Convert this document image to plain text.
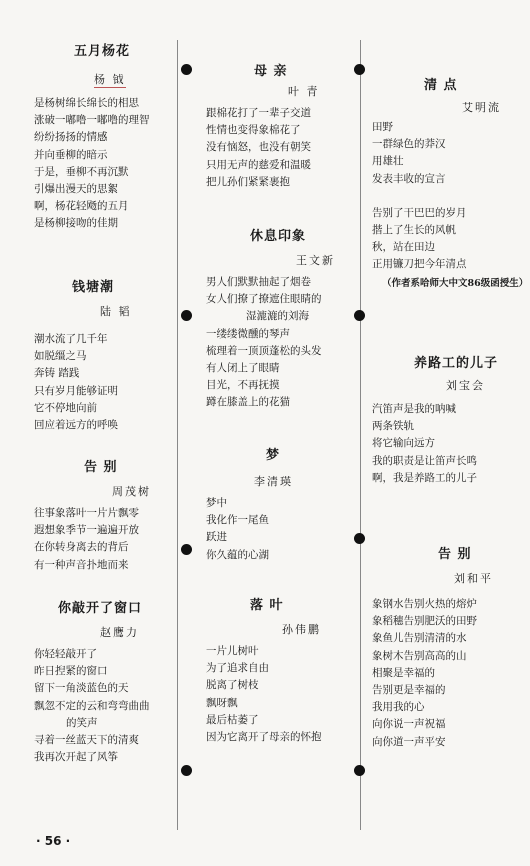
五月杨花
杨 钺
是杨树绵长绵长的相思
涨破一嘟噜一嘟噜的理智
纷纷扬扬的情感
并向垂柳的暗示
于是，垂柳不再沉默
引爆出漫天的思絮
啊，杨花轻飏的五月
是杨柳接吻的佳期
钱塘潮
陆 韬
潮水流了几千年
如脱缰之马
奔铸 踏践
只有岁月能够证明
它不停地向前
回应着远方的呼唤
告 别
周茂树
往事象落叶一片片飘零
遐想象季节一遍遍开放
在你转身离去的背后
有一种声音扑地而来
你敲开了窗口
赵鹰力
你轻轻敲开了
昨日揑紧的窗口
留下一角淡蓝色的天
飘忽不定的云和弯弯曲曲
的笑声
寻着一丝蓝天下的清爽
我再次开起了风筝
母 亲
叶 青
跟棉花打了一辈子交道
性情也变得象棉花了
没有恼怒，也没有朝笑
只用无声的慈爱和温暖
把儿孙们紧紧裹抱
休息印象
王文新
男人们默默抽起了烟卷
女人们撩了撩遮住眼睛的
湿漉漉的刘海
一缕缕微醺的琴声
梳理着一顶顶蓬松的头发
有人闭上了眼睛
目光，不再抚摸
蹲在膝盖上的花猫
梦
李清瑛
梦中
我化作一尾鱼
跃进
你久蕴的心湖
落 叶
孙伟鹏
一片儿树叶
为了追求自由
脱离了树枝
飘呀飘
最后枯萎了
因为它离开了母亲的怀抱
清 点
艾明流
田野
一群绿色的莽汉
用雄壮
发表丰收的宣言
告别了干巴巴的岁月
揩上了生长的风帆
秋，站在田边
正用镰刀把今年清点
（作者系哈师大中文86级函授生）
养路工的儿子
刘宝会
汽笛声是我的呐喊
两条铁轨
将它输向远方
我的职责是让笛声长鸣
啊，我是养路工的儿子
告 别
刘和平
象钢水告别火热的熔炉
象稻穗告别肥沃的田野
象鱼儿告别清清的水
象树木告别高高的山
相聚是幸福的
告别更是幸福的
我用我的心
向你说一声祝福
向你道一声平安
· 56 ·
